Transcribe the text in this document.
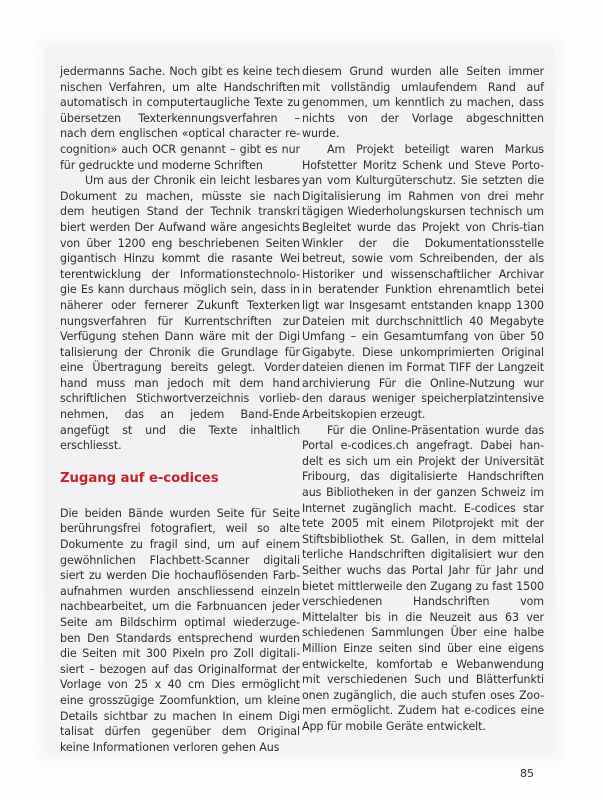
jedermanns Sache. Noch gibt es keine tech nischen Verfahren, um alte Handschriften automatisch in computertaugliche Texte zu übersetzen Texterkennungsverfahren – nach dem englischen «optical character re-cognition» auch OCR genannt – gibt es nur für gedruckte und moderne Schriften

Um aus der Chronik ein leicht lesbares Dokument zu machen, müsste sie nach dem heutigen Stand der Technik transkri biert werden Der Aufwand wäre angesichts von über 1200 eng beschriebenen Seiten gigantisch Hinzu kommt die rasante Wei terentwicklung der Informationstechnolo-gie Es kann durchaus möglich sein, dass in näherer oder fernerer Zukunft Texterken nungsverfahren für Kurrentschriften zur Verfügung stehen Dann wäre mit der Digi talisierung der Chronik die Grundlage für eine Übertragung bereits gelegt. Vorder hand muss man jedoch mit dem hand schriftlichen Stichwortverzeichnis vorlieb-nehmen, das an jedem Band-Ende angefügt st und die Texte inhaltlich erschliesst.

Zugang auf e-codices

Die beiden Bände wurden Seite für Seite berührungsfrei fotografiert, weil so alte Dokumente zu fragil sind, um auf einem gewöhnlichen Flachbett-Scanner digitali siert zu werden Die hochauflösenden Farb-aufnahmen wurden anschliessend einzeln nachbearbeitet, um die Farbnuancen jeder Seite am Bildschirm optimal wiederzuge-ben Den Standards entsprechend wurden die Seiten mit 300 Pixeln pro Zoll digitali-siert – bezogen auf das Originalformat der Vorlage von 25 x 40 cm Dies ermöglicht eine grosszügige Zoomfunktion, um kleine Details sichtbar zu machen In einem Digi talisat dürfen gegenüber dem Original keine Informationen verloren gehen Aus

diesem Grund wurden alle Seiten immer mit vollständig umlaufendem Rand auf genommen, um kenntlich zu machen, dass nichts von der Vorlage abgeschnitten wurde.

Am Projekt beteiligt waren Markus Hofstetter Moritz Schenk und Steve Porto-yan vom Kulturgüterschutz. Sie setzten die Digitalisierung im Rahmen von drei mehr tägigen Wiederholungskursen technisch um Begleitet wurde das Projekt von Chris-tian Winkler der die Dokumentationsstelle betreut, sowie vom Schreibenden, der als Historiker und wissenschaftlicher Archivar in beratender Funktion ehrenamtlich betei ligt war Insgesamt entstanden knapp 1300 Dateien mit durchschnittlich 40 Megabyte Umfang – ein Gesamtumfang von über 50 Gigabyte. Diese unkomprimierten Original dateien dienen im Format TIFF der Langzeit archivierung Für die Online-Nutzung wur den daraus weniger speicherplatzintensive Arbeitskopien erzeugt.

Für die Online-Präsentation wurde das Portal e-codices.ch angefragt. Dabei han-delt es sich um ein Projekt der Universität Fribourg, das digitalisierte Handschriften aus Bibliotheken in der ganzen Schweiz im Internet zugänglich macht. E-codices star tete 2005 mit einem Pilotprojekt mit der Stiftsbibliothek St. Gallen, in dem mittelal terliche Handschriften digitalisiert wur den Seither wuchs das Portal Jahr für Jahr und bietet mittlerweile den Zugang zu fast 1500 verschiedenen Handschriften vom Mittelalter bis in die Neuzeit aus 63 ver schiedenen Sammlungen Über eine halbe Million Einze seiten sind über eine eigens entwickelte, komfortab e Webanwendung mit verschiedenen Such und Blätterfunkti onen zugänglich, die auch stufen oses Zoo-men ermöglicht. Zudem hat e-codices eine App für mobile Geräte entwickelt.

85
